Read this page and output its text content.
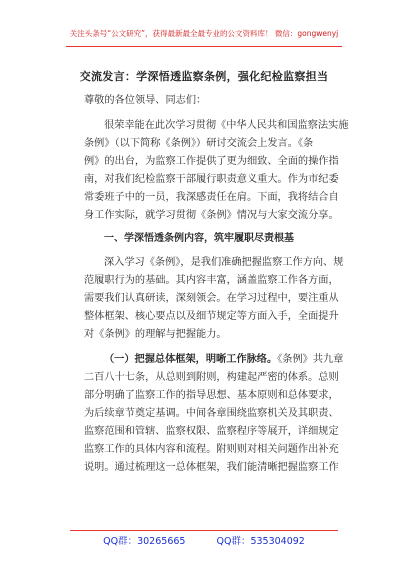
关注头条号“公文研究”，获得最新最全最专业的公文资料库！ 微信：gongwenyj
交流发言：学深悟透监察条例，强化纪检监察担当
尊敬的各位领导、同志们：
很荣幸能在此次学习贯彻《中华人民共和国监察法实施
条例》（以下简称《条例》）研讨交流会上发言。《条
例》的出台，为监察工作提供了更为细致、全面的操作指
南，对我们纪检监察干部履行职责意义重大。作为市纪委
常委班子中的一员，我深感责任在肩。下面，我将结合自
身工作实际，就学习贯彻《条例》情况与大家交流分享。
一、学深悟透条例内容，筑牢履职尽责根基
深入学习《条例》，是我们准确把握监察工作方向、规
范履职行为的基础。其内容丰富，涵盖监察工作各方面，
需要我们认真研读，深刻领会。在学习过程中，要注重从
整体框架、核心要点以及细节规定等方面入手，全面提升
对《条例》的理解与把握能力。
（一）把握总体框架，明晰工作脉络。《条例》共九章
二百八十七条，从总则到附则，构建起严密的体系。总则
部分明确了监察工作的指导思想、基本原则和总体要求，
为后续章节奠定基调。中间各章围绕监察机关及其职责、
监察范围和管辖、监察权限、监察程序等展开，详细规定
监察工作的具体内容和流程。附则则对相关问题作出补充
说明。通过梳理这一总体框架，我们能清晰把握监察工作
QQ群：30265665	QQ群：535304092
